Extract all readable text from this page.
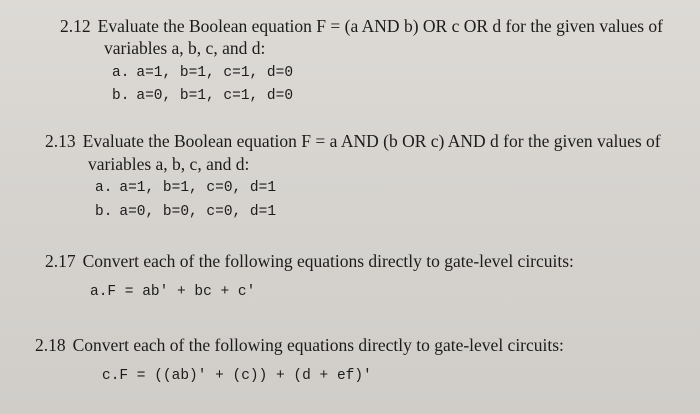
2.12 Evaluate the Boolean equation F = (a AND b) OR c OR d for the given values of
variables a, b, c, and d:
a. a=1, b=1, c=1, d=0
b. a=0, b=1, c=1, d=0
2.13 Evaluate the Boolean equation F = a AND (b OR c) AND d for the given values of
variables a, b, c, and d:
a. a=1, b=1, c=0, d=1
b. a=0, b=0, c=0, d=1
2.17 Convert each of the following equations directly to gate-level circuits:
a.F = ab′ + bc + c′
2.18 Convert each of the following equations directly to gate-level circuits:
c.F = ((ab)′ + (c)) + (d + ef)′
